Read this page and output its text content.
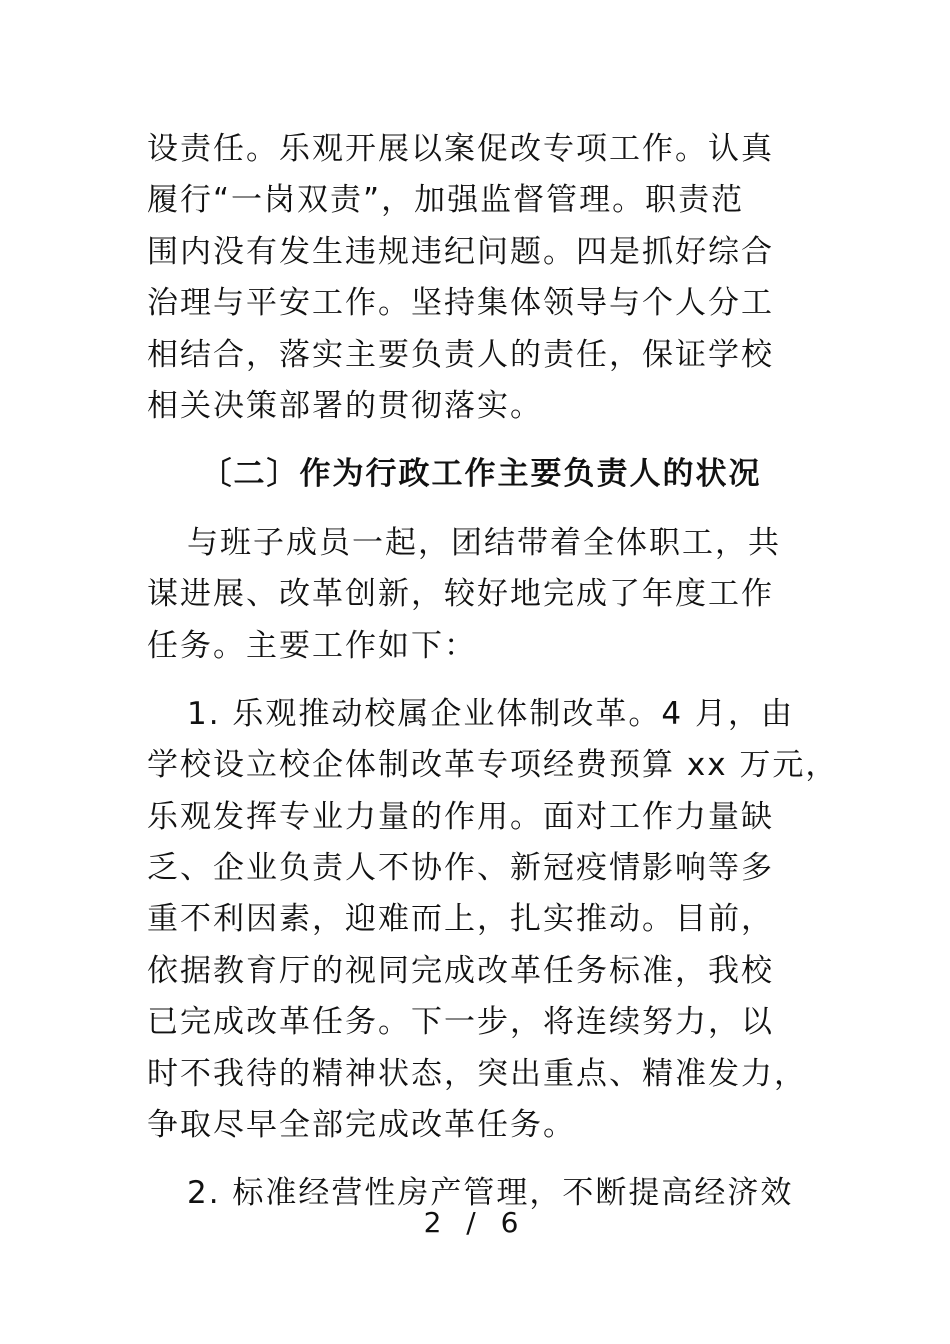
设责任。乐观开展以案促改专项工作。认真
履行“一岗双责”，加强监督管理。职责范
围内没有发生违规违纪问题。四是抓好综合
治理与平安工作。坚持集体领导与个人分工
相结合，落实主要负责人的责任，保证学校
相关决策部署的贯彻落实。
〔二〕作为行政工作主要负责人的状况
与班子成员一起，团结带着全体职工，共
谋进展、改革创新，较好地完成了年度工作
任务。主要工作如下：
1. 乐观推动校属企业体制改革。4 月，由
学校设立校企体制改革专项经费预算 xx 万元，
乐观发挥专业力量的作用。面对工作力量缺
乏、企业负责人不协作、新冠疫情影响等多
重不利因素，迎难而上，扎实推动。目前，
依据教育厅的视同完成改革任务标准，我校
已完成改革任务。下一步，将连续努力，以
时不我待的精神状态，突出重点、精准发力，
争取尽早全部完成改革任务。
2. 标准经营性房产管理，不断提高经济效
2 / 6
